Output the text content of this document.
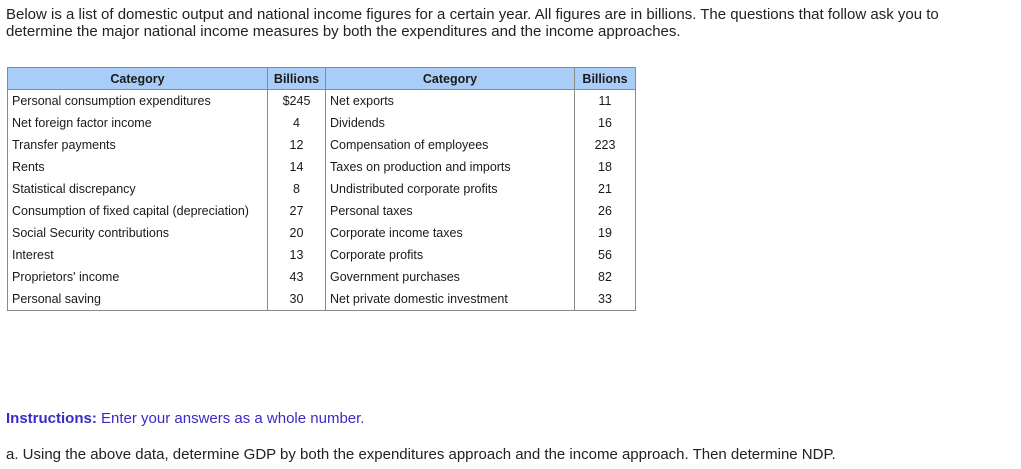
Below is a list of domestic output and national income figures for a certain year. All figures are in billions. The questions that follow ask you to determine the major national income measures by both the expenditures and the income approaches.
Category	Billions	Category	Billions
Personal consumption expenditures	$245	Net exports	11
Net foreign factor income	4	Dividends	16
Transfer payments	12	Compensation of employees	223
Rents	14	Taxes on production and imports	18
Statistical discrepancy	8	Undistributed corporate profits	21
Consumption of fixed capital (depreciation)	27	Personal taxes	26
Social Security contributions	20	Corporate income taxes	19
Interest	13	Corporate profits	56
Proprietors' income	43	Government purchases	82
Personal saving	30	Net private domestic investment	33
Instructions: Enter your answers as a whole number.
a. Using the above data, determine GDP by both the expenditures approach and the income approach. Then determine NDP.
